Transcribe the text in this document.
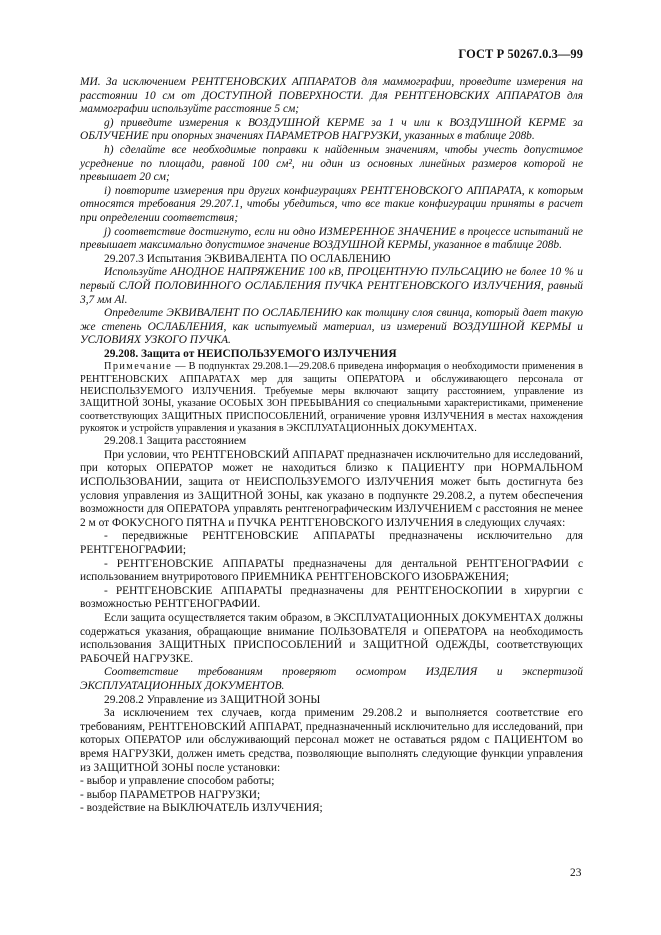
ГОСТ Р 50267.0.3—99

МИ. За исключением РЕНТГЕНОВСКИХ АППАРАТОВ для маммографии, проведите измерения на расстоянии 10 см от ДОСТУПНОЙ ПОВЕРХНОСТИ. Для РЕНТГЕНОВСКИХ АППАРАТОВ для маммографии используйте расстояние 5 см;

g) приведите измерения к ВОЗДУШНОЙ КЕРМЕ за 1 ч или к ВОЗДУШНОЙ КЕРМЕ за ОБЛУЧЕНИЕ при опорных значениях ПАРАМЕТРОВ НАГРУЗКИ, указанных в таблице 208b.

h) сделайте все необходимые поправки к найденным значениям, чтобы учесть допустимое усреднение по площади, равной 100 см², ни один из основных линейных размеров которой не превышает 20 см;

i) повторите измерения при других конфигурациях РЕНТГЕНОВСКОГО АППАРАТА, к которым относятся требования 29.207.1, чтобы убедиться, что все такие конфигурации приняты в расчет при определении соответствия;

j) соответствие достигнуто, если ни одно ИЗМЕРЕННОЕ ЗНАЧЕНИЕ в процессе испытаний не превышает максимально допустимое значение ВОЗДУШНОЙ КЕРМЫ, указанное в таблице 208b.

29.207.3 Испытания ЭКВИВАЛЕНТА ПО ОСЛАБЛЕНИЮ

Используйте АНОДНОЕ НАПРЯЖЕНИЕ 100 кВ, ПРОЦЕНТНУЮ ПУЛЬСАЦИЮ не более 10 % и первый СЛОЙ ПОЛОВИННОГО ОСЛАБЛЕНИЯ ПУЧКА РЕНТГЕНОВСКОГО ИЗЛУЧЕНИЯ, равный 3,7 мм Al.

Определите ЭКВИВАЛЕНТ ПО ОСЛАБЛЕНИЮ как толщину слоя свинца, который дает такую же степень ОСЛАБЛЕНИЯ, как испытуемый материал, из измерений ВОЗДУШНОЙ КЕРМЫ и УСЛОВИЯХ УЗКОГО ПУЧКА.

29.208. Защита от НЕИСПОЛЬЗУЕМОГО ИЗЛУЧЕНИЯ

Примечание — В подпунктах 29.208.1—29.208.6 приведена информация о необходимости применения в РЕНТГЕНОВСКИХ АППАРАТАХ мер для защиты ОПЕРАТОРА и обслуживающего персонала от НЕИСПОЛЬЗУЕМОГО ИЗЛУЧЕНИЯ. Требуемые меры включают защиту расстоянием, управление из ЗАЩИТНОЙ ЗОНЫ, указание ОСОБЫХ ЗОН ПРЕБЫВАНИЯ со специальными характеристиками, применение соответствующих ЗАЩИТНЫХ ПРИСПОСОБЛЕНИЙ, ограничение уровня ИЗЛУЧЕНИЯ в местах нахождения рукояток и устройств управления и указания в ЭКСПЛУАТАЦИОННЫХ ДОКУМЕНТАХ.

29.208.1 Защита расстоянием

При условии, что РЕНТГЕНОВСКИЙ АППАРАТ предназначен исключительно для исследований, при которых ОПЕРАТОР может не находиться близко к ПАЦИЕНТУ при НОРМАЛЬНОМ ИСПОЛЬЗОВАНИИ, защита от НЕИСПОЛЬЗУЕМОГО ИЗЛУЧЕНИЯ может быть достигнута без условия управления из ЗАЩИТНОЙ ЗОНЫ, как указано в подпункте 29.208.2, а путем обеспечения возможности для ОПЕРАТОРА управлять рентгенографическим ИЗЛУЧЕНИЕМ с расстояния не менее 2 м от ФОКУСНОГО ПЯТНА и ПУЧКА РЕНТГЕНОВСКОГО ИЗЛУЧЕНИЯ в следующих случаях:

- передвижные РЕНТГЕНОВСКИЕ АППАРАТЫ предназначены исключительно для РЕНТГЕНОГРАФИИ;

- РЕНТГЕНОВСКИЕ АППАРАТЫ предназначены для дентальной РЕНТГЕНОГРАФИИ с использованием внутриротового ПРИЕМНИКА РЕНТГЕНОВСКОГО ИЗОБРАЖЕНИЯ;

- РЕНТГЕНОВСКИЕ АППАРАТЫ предназначены для РЕНТГЕНОСКОПИИ в хирургии с возможностью РЕНТГЕНОГРАФИИ.

Если защита осуществляется таким образом, в ЭКСПЛУАТАЦИОННЫХ ДОКУМЕНТАХ должны содержаться указания, обращающие внимание ПОЛЬЗОВАТЕЛЯ и ОПЕРАТОРА на необходимость использования ЗАЩИТНЫХ ПРИСПОСОБЛЕНИЙ и ЗАЩИТНОЙ ОДЕЖДЫ, соответствующих РАБОЧЕЙ НАГРУЗКЕ.

Соответствие требованиям проверяют осмотром ИЗДЕЛИЯ и экспертизой ЭКСПЛУАТАЦИОННЫХ ДОКУМЕНТОВ.

29.208.2 Управление из ЗАЩИТНОЙ ЗОНЫ

За исключением тех случаев, когда применим 29.208.2 и выполняется соответствие его требованиям, РЕНТГЕНОВСКИЙ АППАРАТ, предназначенный исключительно для исследований, при которых ОПЕРАТОР или обслуживающий персонал может не оставаться рядом с ПАЦИЕНТОМ во время НАГРУЗКИ, должен иметь средства, позволяющие выполнять следующие функции управления из ЗАЩИТНОЙ ЗОНЫ после установки:

- выбор и управление способом работы;

- выбор ПАРАМЕТРОВ НАГРУЗКИ;

- воздействие на ВЫКЛЮЧАТЕЛЬ ИЗЛУЧЕНИЯ;

23
